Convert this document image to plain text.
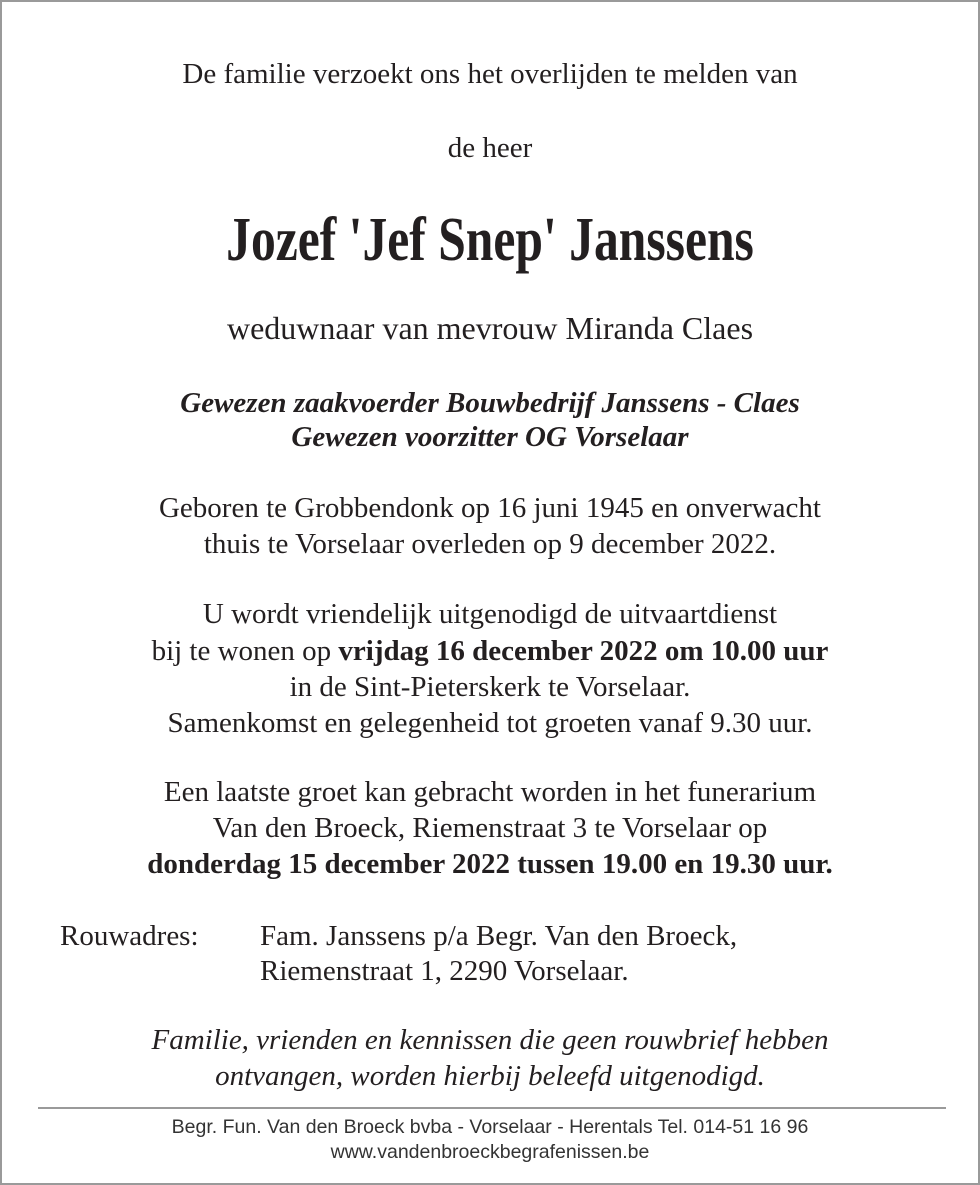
De familie verzoekt ons het overlijden te melden van
de heer
Jozef 'Jef Snep' Janssens
weduwnaar van mevrouw Miranda Claes
Gewezen zaakvoerder Bouwbedrijf Janssens - Claes
Gewezen voorzitter OG Vorselaar
Geboren te Grobbendonk op 16 juni 1945 en onverwacht
thuis te Vorselaar overleden op 9 december 2022.
U wordt vriendelijk uitgenodigd de uitvaartdienst
bij te wonen op vrijdag 16 december 2022 om 10.00 uur
in de Sint-Pieterskerk te Vorselaar.
Samenkomst en gelegenheid tot groeten vanaf 9.30 uur.
Een laatste groet kan gebracht worden in het funerarium
Van den Broeck, Riemenstraat 3 te Vorselaar op
donderdag 15 december 2022 tussen 19.00 en 19.30 uur.
Rouwadres: Fam. Janssens p/a Begr. Van den Broeck,
Riemenstraat 1, 2290 Vorselaar.
Familie, vrienden en kennissen die geen rouwbrief hebben
ontvangen, worden hierbij beleefd uitgenodigd.
Begr. Fun. Van den Broeck bvba - Vorselaar - Herentals Tel. 014-51 16 96
www.vandenbroeckbegrafenissen.be
